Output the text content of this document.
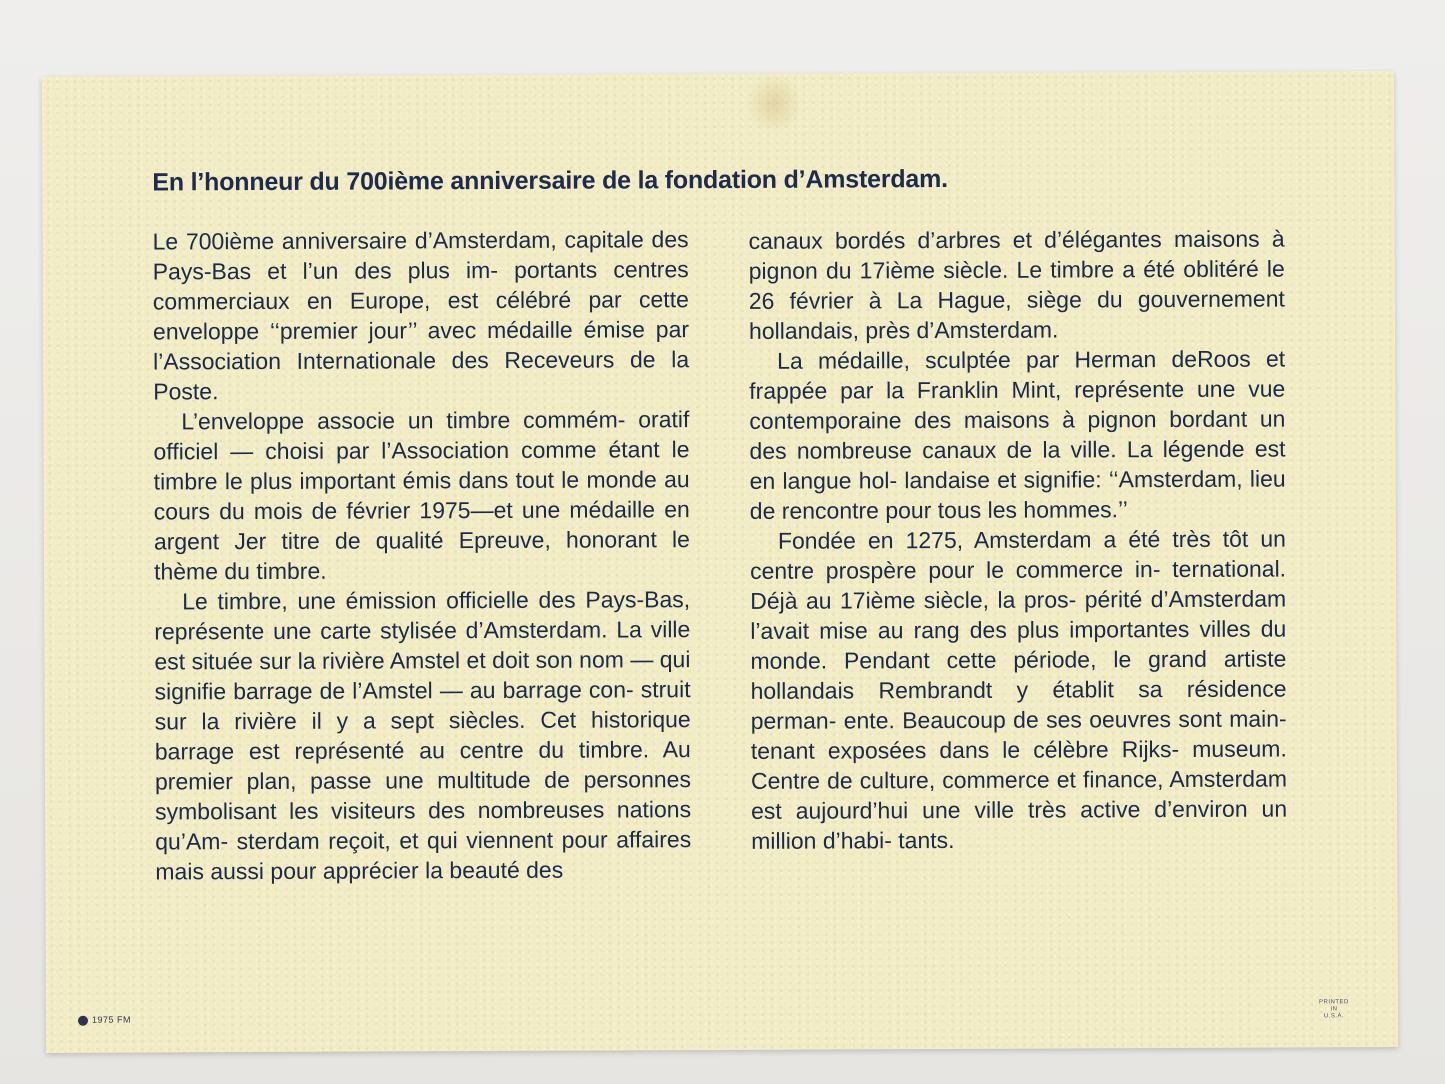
En l’honneur du 700ième anniversaire de la fondation d’Amsterdam.

Le 700ième anniversaire d’Amsterdam, capitale des Pays-Bas et l’un des plus im- portants centres commerciaux en Europe, est célébré par cette enveloppe ‘‘premier jour’’ avec médaille émise par l’Association Internationale des Receveurs de la Poste.

L’enveloppe associe un timbre commém- oratif officiel — choisi par l’Association comme étant le timbre le plus important émis dans tout le monde au cours du mois de février 1975—et une médaille en argent Jer titre de qualité Epreuve, honorant le thème du timbre.

Le timbre, une émission officielle des Pays-Bas, représente une carte stylisée d’Amsterdam. La ville est située sur la rivière Amstel et doit son nom — qui signifie barrage de l’Amstel — au barrage con- struit sur la rivière il y a sept siècles. Cet historique barrage est représenté au centre du timbre. Au premier plan, passe une multitude de personnes symbolisant les visiteurs des nombreuses nations qu’Am- sterdam reçoit, et qui viennent pour affaires mais aussi pour apprécier la beauté des

canaux bordés d’arbres et d’élégantes maisons à pignon du 17ième siècle. Le timbre a été oblitéré le 26 février à La Hague, siège du gouvernement hollandais, près d’Amsterdam.

La médaille, sculptée par Herman deRoos et frappée par la Franklin Mint, représente une vue contemporaine des maisons à pignon bordant un des nombreuse canaux de la ville. La légende est en langue hol- landaise et signifie: ‘‘Amsterdam, lieu de rencontre pour tous les hommes.’’

Fondée en 1275, Amsterdam a été très tôt un centre prospère pour le commerce in- ternational. Déjà au 17ième siècle, la pros- périté d’Amsterdam l’avait mise au rang des plus importantes villes du monde. Pendant cette période, le grand artiste hollandais Rembrandt y établit sa résidence perman- ente. Beaucoup de ses oeuvres sont main- tenant exposées dans le célèbre Rijks- museum. Centre de culture, commerce et finance, Amsterdam est aujourd’hui une ville très active d’environ un million d’habi- tants.

1975 FM
PRINTED
IN
U.S.A.
